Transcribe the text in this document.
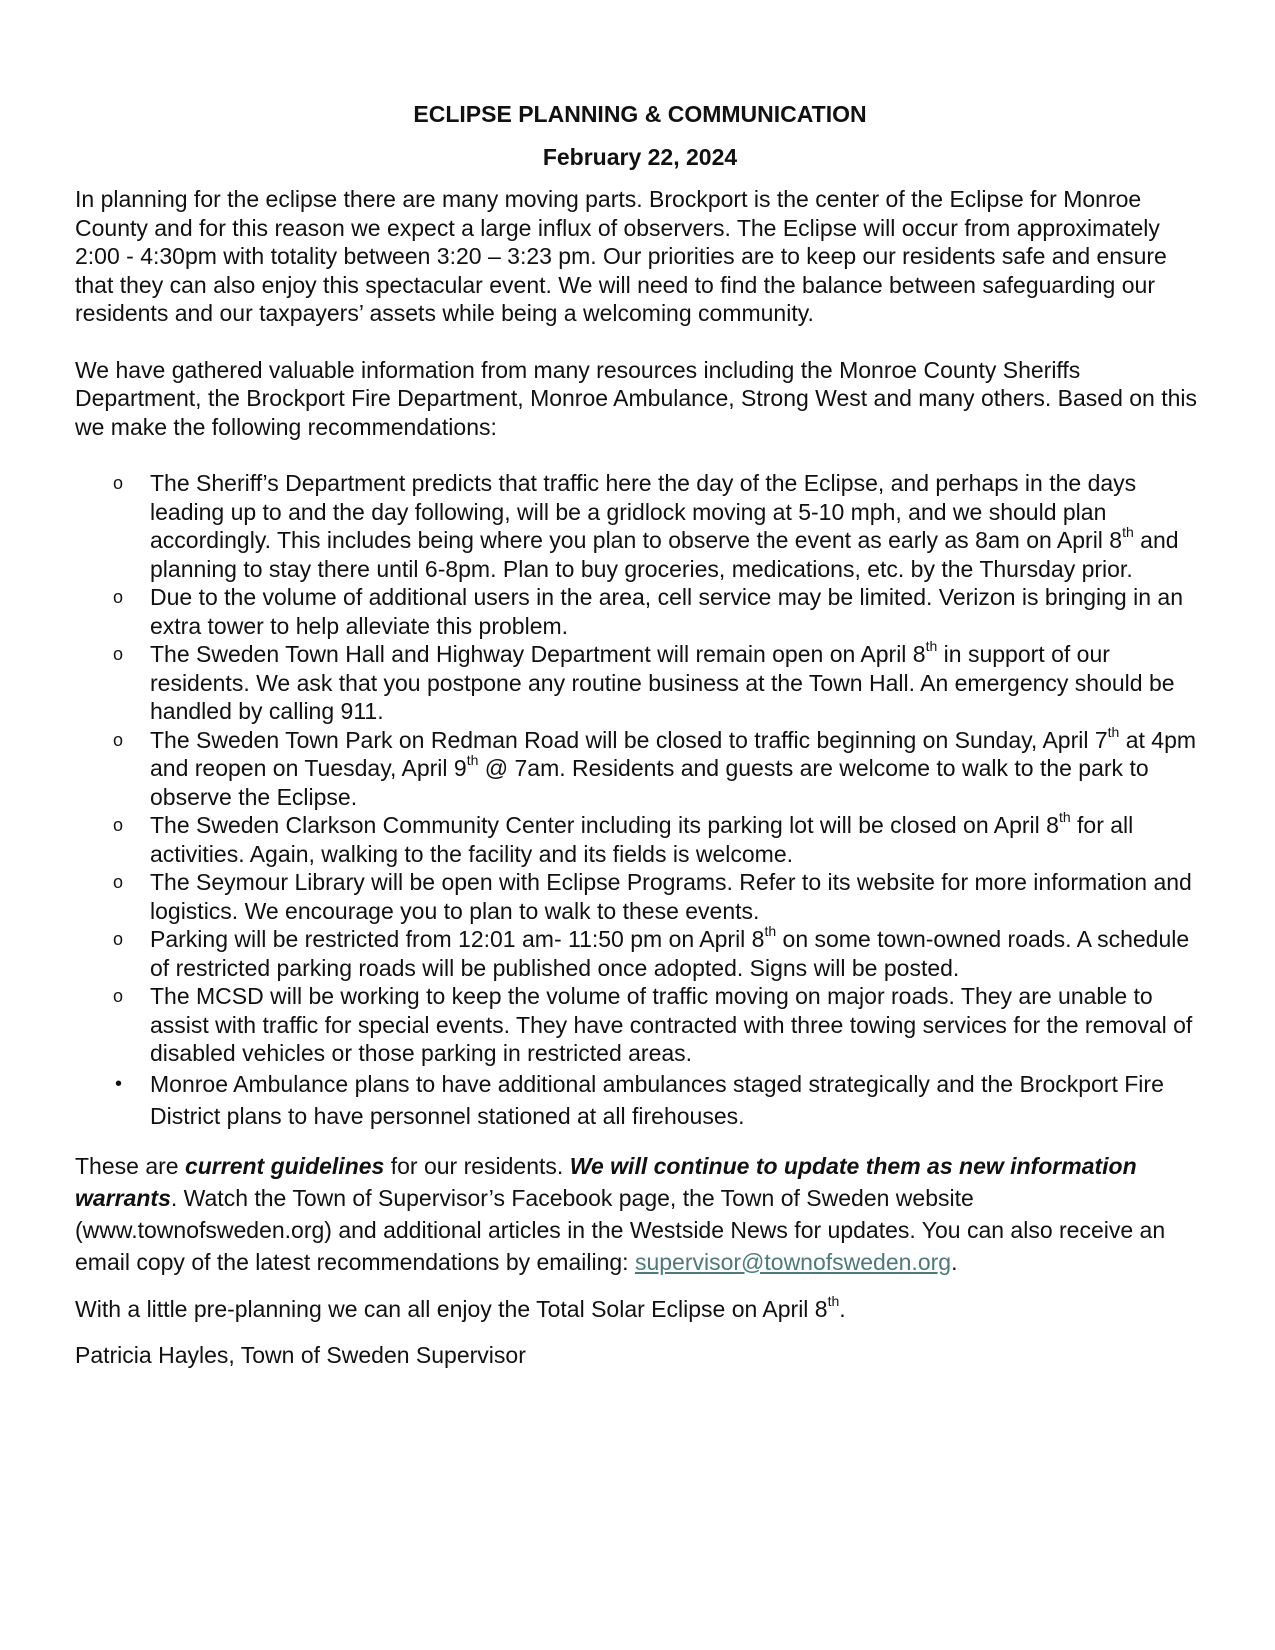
ECLIPSE PLANNING & COMMUNICATION

February 22, 2024

In planning for the eclipse there are many moving parts. Brockport is the center of the Eclipse for Monroe County and for this reason we expect a large influx of observers. The Eclipse will occur from approximately 2:00 - 4:30pm with totality between 3:20 – 3:23 pm. Our priorities are to keep our residents safe and ensure that they can also enjoy this spectacular event. We will need to find the balance between safeguarding our residents and our taxpayers’ assets while being a welcoming community.

We have gathered valuable information from many resources including the Monroe County Sheriffs Department, the Brockport Fire Department, Monroe Ambulance, Strong West and many others. Based on this we make the following recommendations:

o The Sheriff’s Department predicts that traffic here the day of the Eclipse, and perhaps in the days leading up to and the day following, will be a gridlock moving at 5-10 mph, and we should plan accordingly. This includes being where you plan to observe the event as early as 8am on April 8th and planning to stay there until 6-8pm. Plan to buy groceries, medications, etc. by the Thursday prior.
o Due to the volume of additional users in the area, cell service may be limited. Verizon is bringing in an extra tower to help alleviate this problem.
o The Sweden Town Hall and Highway Department will remain open on April 8th in support of our residents. We ask that you postpone any routine business at the Town Hall. An emergency should be handled by calling 911.
o The Sweden Town Park on Redman Road will be closed to traffic beginning on Sunday, April 7th at 4pm and reopen on Tuesday, April 9th @ 7am. Residents and guests are welcome to walk to the park to observe the Eclipse.
o The Sweden Clarkson Community Center including its parking lot will be closed on April 8th for all activities. Again, walking to the facility and its fields is welcome.
o The Seymour Library will be open with Eclipse Programs. Refer to its website for more information and logistics. We encourage you to plan to walk to these events.
o Parking will be restricted from 12:01 am- 11:50 pm on April 8th on some town-owned roads. A schedule of restricted parking roads will be published once adopted. Signs will be posted.
o The MCSD will be working to keep the volume of traffic moving on major roads. They are unable to assist with traffic for special events. They have contracted with three towing services for the removal of disabled vehicles or those parking in restricted areas.
• Monroe Ambulance plans to have additional ambulances staged strategically and the Brockport Fire District plans to have personnel stationed at all firehouses.

These are current guidelines for our residents. We will continue to update them as new information warrants. Watch the Town of Supervisor’s Facebook page, the Town of Sweden website (www.townofsweden.org) and additional articles in the Westside News for updates. You can also receive an email copy of the latest recommendations by emailing: supervisor@townofsweden.org.

With a little pre-planning we can all enjoy the Total Solar Eclipse on April 8th.

Patricia Hayles, Town of Sweden Supervisor
